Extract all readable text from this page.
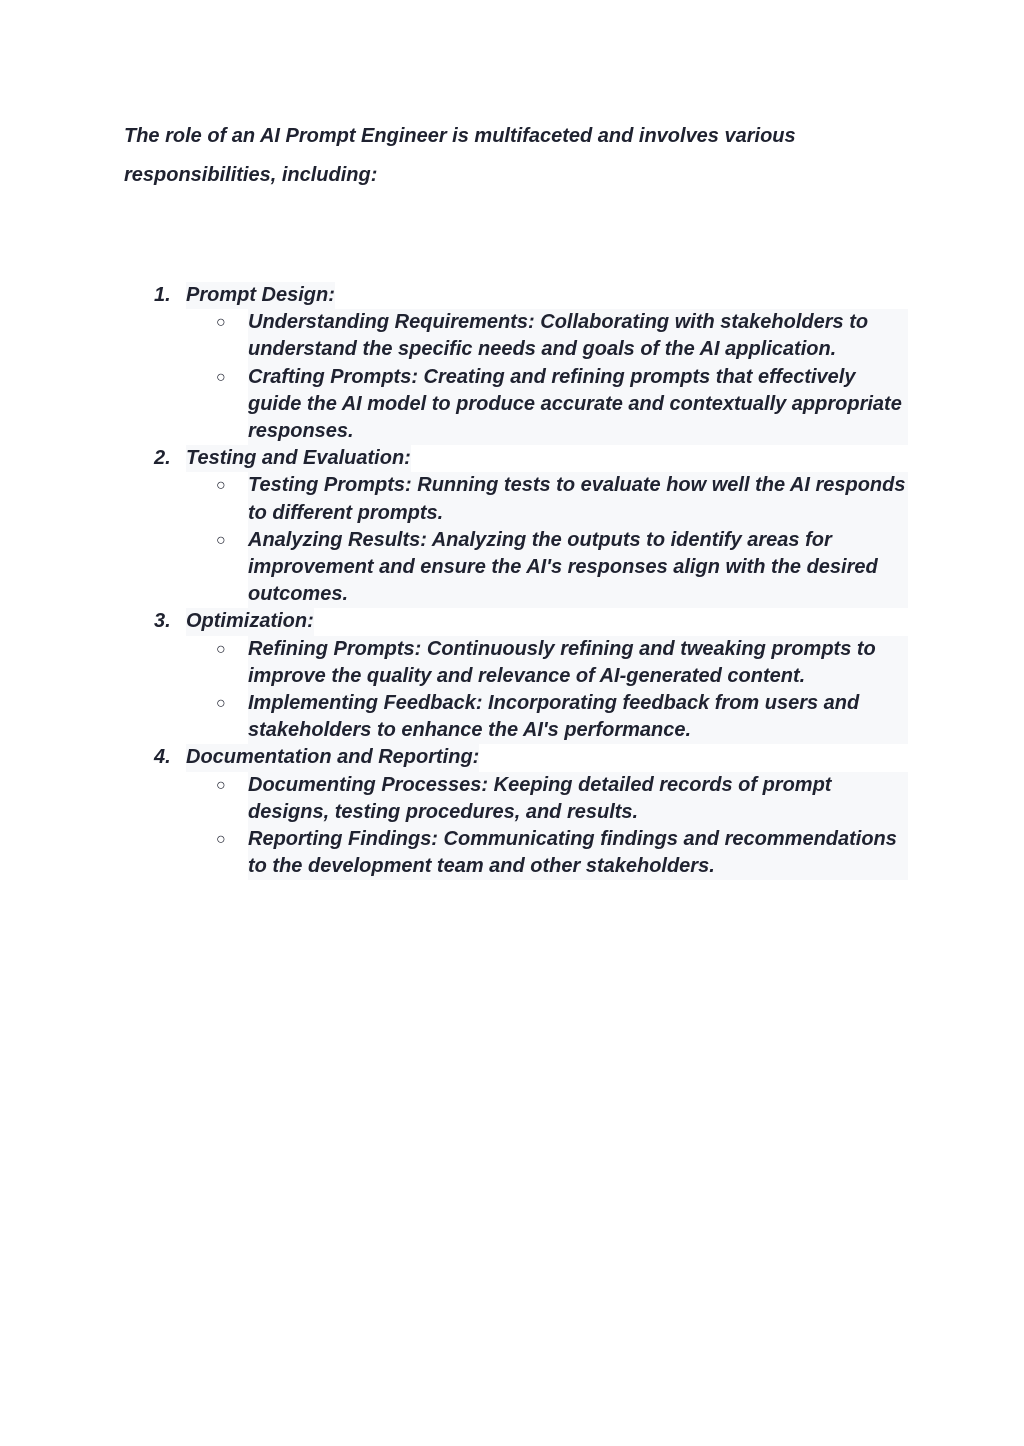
The role of an AI Prompt Engineer is multifaceted and involves various responsibilities, including:

1. Prompt Design:
○	Understanding Requirements: Collaborating with stakeholders to understand the specific needs and goals of the AI application.
○	Crafting Prompts: Creating and refining prompts that effectively guide the AI model to produce accurate and contextually appropriate responses.
2. Testing and Evaluation:
○	Testing Prompts: Running tests to evaluate how well the AI responds to different prompts.
○	Analyzing Results: Analyzing the outputs to identify areas for improvement and ensure the AI's responses align with the desired outcomes.
3. Optimization:
○	Refining Prompts: Continuously refining and tweaking prompts to improve the quality and relevance of AI-generated content.
○	Implementing Feedback: Incorporating feedback from users and stakeholders to enhance the AI's performance.
4. Documentation and Reporting:
○	Documenting Processes: Keeping detailed records of prompt designs, testing procedures, and results.
○	Reporting Findings: Communicating findings and recommendations to the development team and other stakeholders.
